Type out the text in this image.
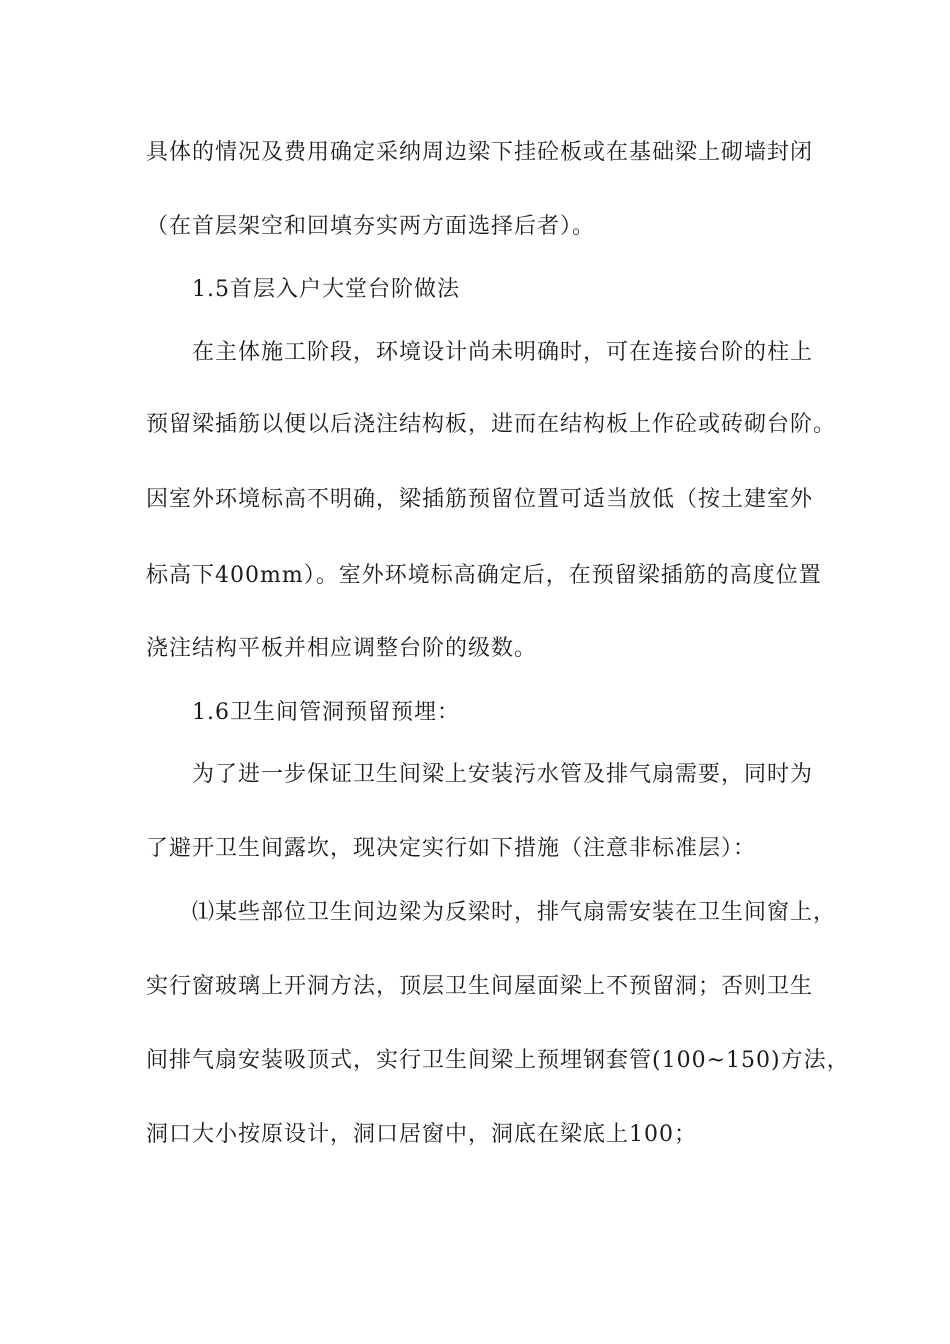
具体的情况及费用确定采纳周边梁下挂砼板或在基础梁上砌墙封闭
（在首层架空和回填夯实两方面选择后者）。
1.5首层入户大堂台阶做法
在主体施工阶段，环境设计尚未明确时，可在连接台阶的柱上
预留梁插筋以便以后浇注结构板，进而在结构板上作砼或砖砌台阶。
因室外环境标高不明确，梁插筋预留位置可适当放低（按土建室外
标高下400mm）。室外环境标高确定后，在预留梁插筋的高度位置
浇注结构平板并相应调整台阶的级数。
1.6卫生间管洞预留预埋：
为了进一步保证卫生间梁上安装污水管及排气扇需要，同时为
了避开卫生间露坎，现决定实行如下措施（注意非标准层）：
⑴某些部位卫生间边梁为反梁时，排气扇需安装在卫生间窗上，
实行窗玻璃上开洞方法，顶层卫生间屋面梁上不预留洞；否则卫生
间排气扇安装吸顶式，实行卫生间梁上预埋钢套管(100~150)方法，
洞口大小按原设计，洞口居窗中，洞底在梁底上100；
